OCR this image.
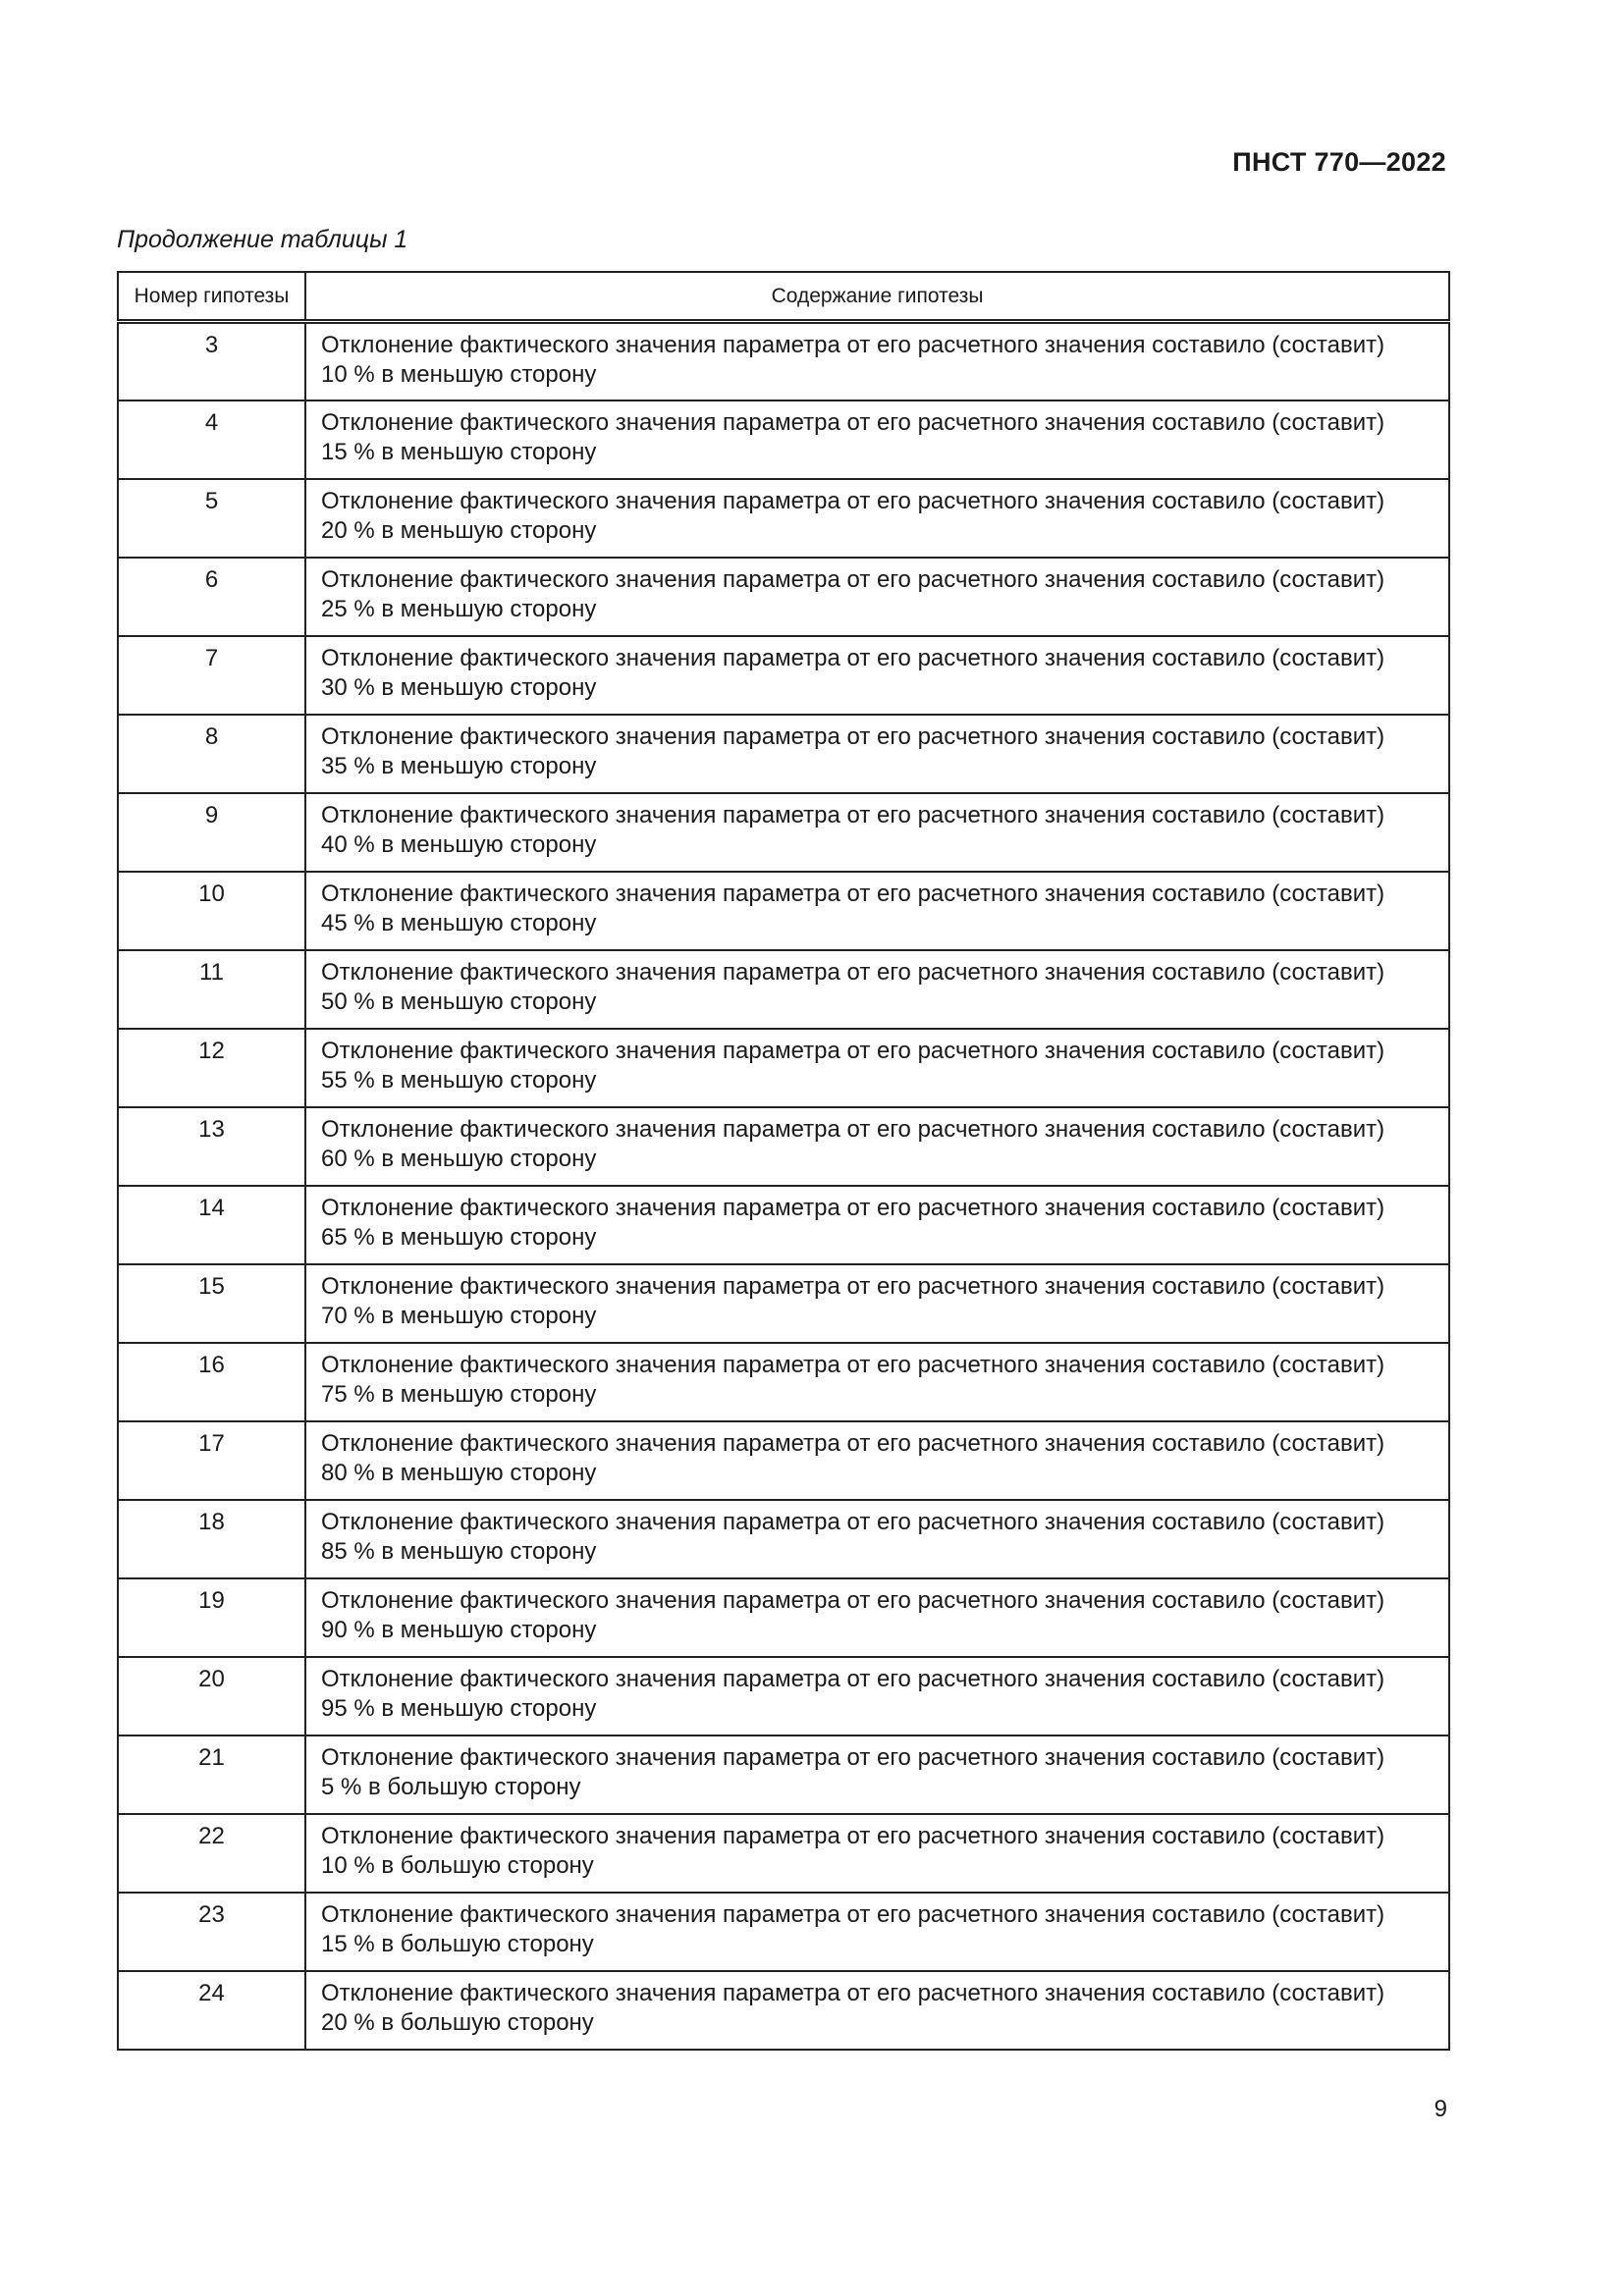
ПНСТ 770—2022
Продолжение таблицы 1
Номер гипотезы	Содержание гипотезы
3	Отклонение фактического значения параметра от его расчетного значения составило (составит)
10 % в меньшую сторону

4	Отклонение фактического значения параметра от его расчетного значения составило (составит)
15 % в меньшую сторону

5	Отклонение фактического значения параметра от его расчетного значения составило (составит)
20 % в меньшую сторону

6	Отклонение фактического значения параметра от его расчетного значения составило (составит)
25 % в меньшую сторону

7	Отклонение фактического значения параметра от его расчетного значения составило (составит)
30 % в меньшую сторону

8	Отклонение фактического значения параметра от его расчетного значения составило (составит)
35 % в меньшую сторону

9	Отклонение фактического значения параметра от его расчетного значения составило (составит)
40 % в меньшую сторону

10	Отклонение фактического значения параметра от его расчетного значения составило (составит)
45 % в меньшую сторону

11	Отклонение фактического значения параметра от его расчетного значения составило (составит)
50 % в меньшую сторону

12	Отклонение фактического значения параметра от его расчетного значения составило (составит)
55 % в меньшую сторону

13	Отклонение фактического значения параметра от его расчетного значения составило (составит)
60 % в меньшую сторону

14	Отклонение фактического значения параметра от его расчетного значения составило (составит)
65 % в меньшую сторону

15	Отклонение фактического значения параметра от его расчетного значения составило (составит)
70 % в меньшую сторону

16	Отклонение фактического значения параметра от его расчетного значения составило (составит)
75 % в меньшую сторону

17	Отклонение фактического значения параметра от его расчетного значения составило (составит)
80 % в меньшую сторону

18	Отклонение фактического значения параметра от его расчетного значения составило (составит)
85 % в меньшую сторону

19	Отклонение фактического значения параметра от его расчетного значения составило (составит)
90 % в меньшую сторону

20	Отклонение фактического значения параметра от его расчетного значения составило (составит)
95 % в меньшую сторону

21	Отклонение фактического значения параметра от его расчетного значения составило (составит)
5 % в большую сторону

22	Отклонение фактического значения параметра от его расчетного значения составило (составит)
10 % в большую сторону

23	Отклонение фактического значения параметра от его расчетного значения составило (составит)
15 % в большую сторону

24	Отклонение фактического значения параметра от его расчетного значения составило (составит)
20 % в большую сторону
9
